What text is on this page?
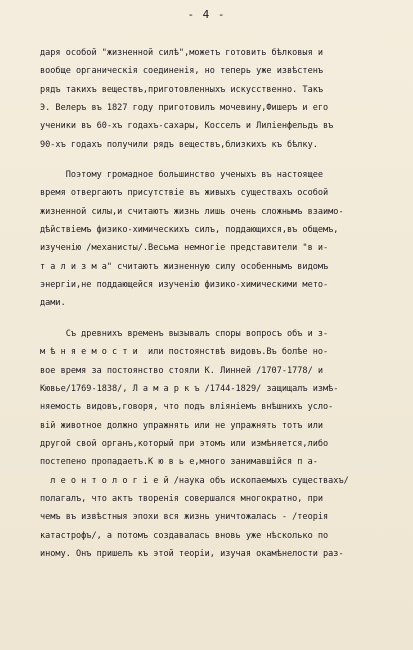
- 4 -
даря особой "жизненной силѣ",можетъ готовить бѣлковыя и
вообще органическія соединенія, но теперь уже извѣстенъ
рядъ такихъ веществъ,приготовленныхъ искусственно. Такъ
Э. Велеръ въ 1827 году приготовилъ мочевину,Фишеръ и его
ученики въ 60-хъ годахъ-сахары, Косселъ и Лилiенфельдъ въ
90-хъ годахъ получили рядъ веществъ,близкихъ къ бѣлку.
Поэтому громадное большинство ученыхъ въ настоящее
время отвергаютъ присутствіе въ живыхъ существахъ особой
жизненной силы,и считаютъ жизнь лишь очень сложнымъ взаимо-
дѣйствіемъ физико-химическихъ силъ, поддающихся,въ общемъ,
изученію /механисты/.Весьма немногіе представители "в и-
т а л и з м а" считаютъ жизненную силу особеннымъ видомъ
энергіи,не поддающейся изученію физико-химическими мето-
дами.
Съ древнихъ временъ вызывалъ споры вопросъ объ и з-
м ѣ н я е м о с т и  или постоянствѣ видовъ.Въ болѣе но-
вое время за постоянство стояли К. Линней /1707-1778/ и
Кювье/1769-1838/, Л а м а р к ъ /1744-1829/ защищалъ измѣ-
няемость видовъ,говоря, что подъ вліяніемъ внѣшнихъ усло-
вій животное должно упражнять или не упражнять тотъ или
другой свой органъ,который при этомъ или измѣняется,либо
постепено пропадаетъ.К ю в ь е,много занимавшійся п а-
л е о н т о л о г і е й /наука объ ископаемыхъ существахъ/
полагалъ, что актъ творенія совершался многократно, при
чемъ въ извѣстныя эпохи вся жизнь уничтожалась - /теорія
катастрофъ/, а потомъ создавалась вновь уже нѣсколько по
иному. Онъ пришелъ къ этой теоріи, изучая окамѣнелости раз-
